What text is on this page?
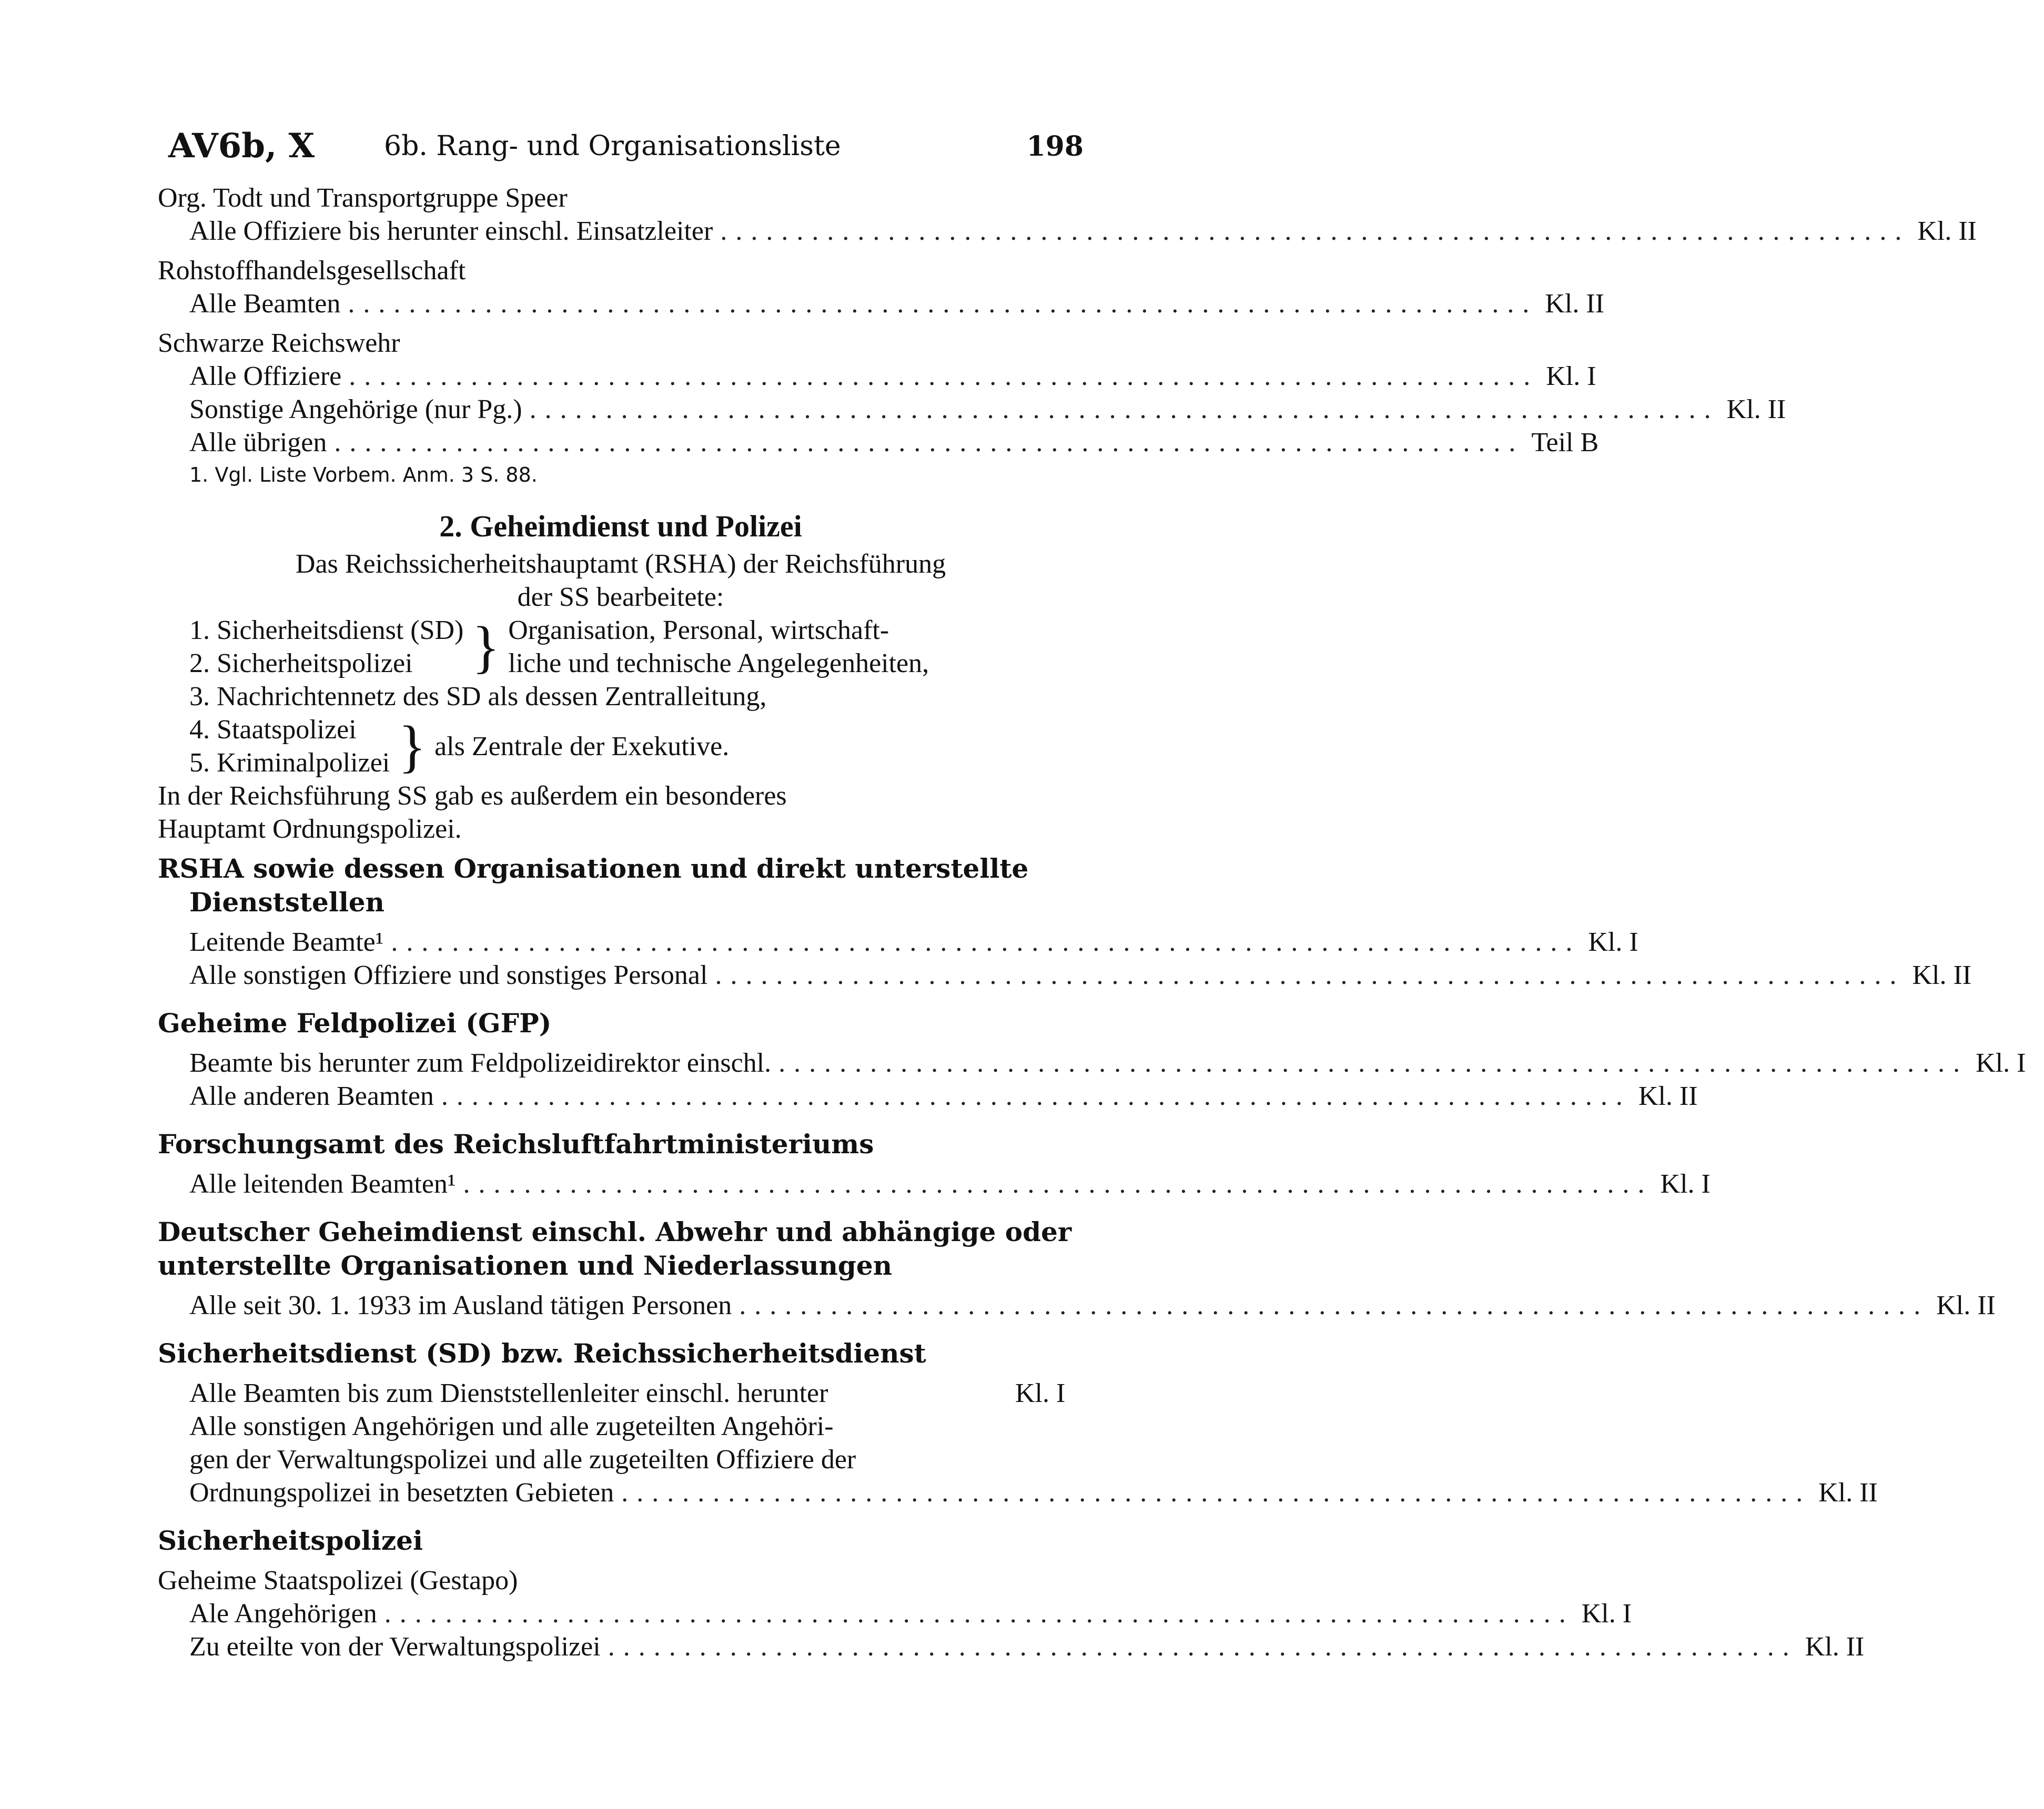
AV6b, X	6b. Rang- und Organisationsliste	198
Org. Todt und Transportgruppe Speer
Alle Offiziere bis herunter einschl. Einsatzleiter .............................................................................. Kl. II
Rohstoffhandelsgesellschaft
Alle Beamten .............................................................................. Kl. II
Schwarze Reichswehr
Alle Offiziere .............................................................................. Kl. I
Sonstige Angehörige (nur Pg.) .............................................................................. Kl. II
Alle übrigen .............................................................................. Teil B
1. Vgl. Liste Vorbem. Anm. 3 S. 88.
2. Geheimdienst und Polizei
Das Reichssicherheitshauptamt (RSHA) der Reichsführung
der SS bearbeitete:
1. Sicherheitsdienst (SD)
2. Sicherheitspolizei	} Organisation, Personal, wirtschaft-
liche und technische Angelegenheiten,
3. Nachrichtennetz des SD als dessen Zentralleitung,
4. Staatspolizei
5. Kriminalpolizei } als Zentrale der Exekutive.
In der Reichsführung SS gab es außerdem ein besonderes
Hauptamt Ordnungspolizei.
RSHA sowie dessen Organisationen und direkt unterstellte
Dienststellen
Leitende Beamte¹ .............................................................................. Kl. I
Alle sonstigen Offiziere und sonstiges Personal .............................................................................. Kl. II
Geheime Feldpolizei (GFP)
Beamte bis herunter zum Feldpolizeidirektor einschl. .............................................................................. Kl. I
Alle anderen Beamten .............................................................................. Kl. II
Forschungsamt des Reichsluftfahrtministeriums
Alle leitenden Beamten¹ .............................................................................. Kl. I
Deutscher Geheimdienst einschl. Abwehr und abhängige oder
unterstellte Organisationen und Niederlassungen
Alle seit 30. 1. 1933 im Ausland tätigen Personen .............................................................................. Kl. II
Sicherheitsdienst (SD) bzw. Reichssicherheitsdienst
Alle Beamten bis zum Dienststellenleiter einschl. herunter	Kl. I
Alle sonstigen Angehörigen und alle zugeteilten Angehöri-
gen der Verwaltungspolizei und alle zugeteilten Offiziere der
Ordnungspolizei in besetzten Gebieten .............................................................................. Kl. II
Sicherheitspolizei
Geheime Staatspolizei (Gestapo)
Ale Angehörigen .............................................................................. Kl. I
Zu eteilte von der Verwaltungspolizei .............................................................................. Kl. II
